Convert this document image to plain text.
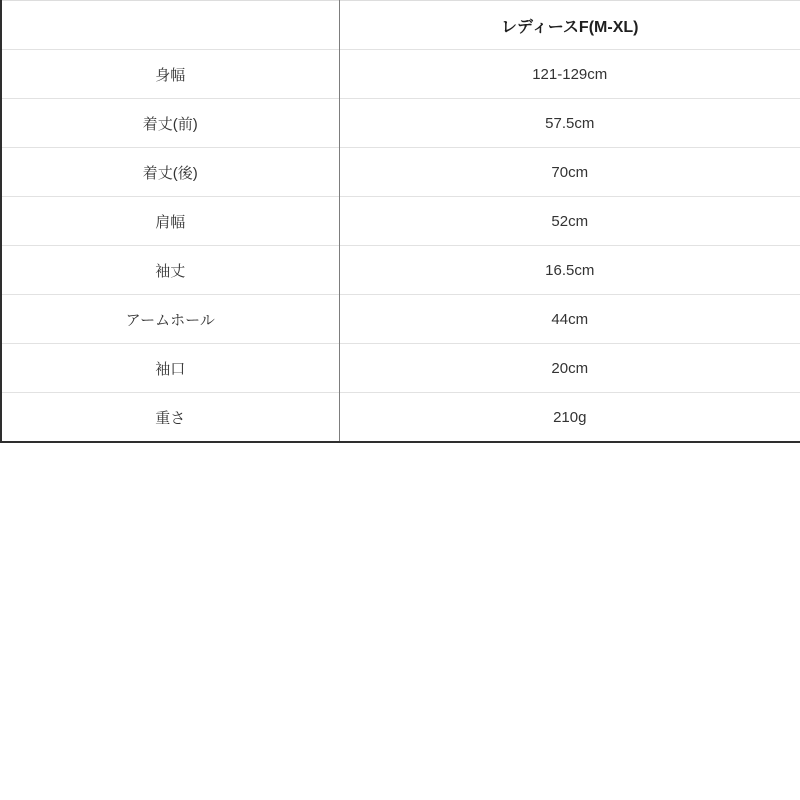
	レディースF(M-XL)
身幅	121-129cm
着丈(前)	57.5cm
着丈(後)	70cm
肩幅	52cm
袖丈	16.5cm
アームホール	44cm
袖口	20cm
重さ	210g
